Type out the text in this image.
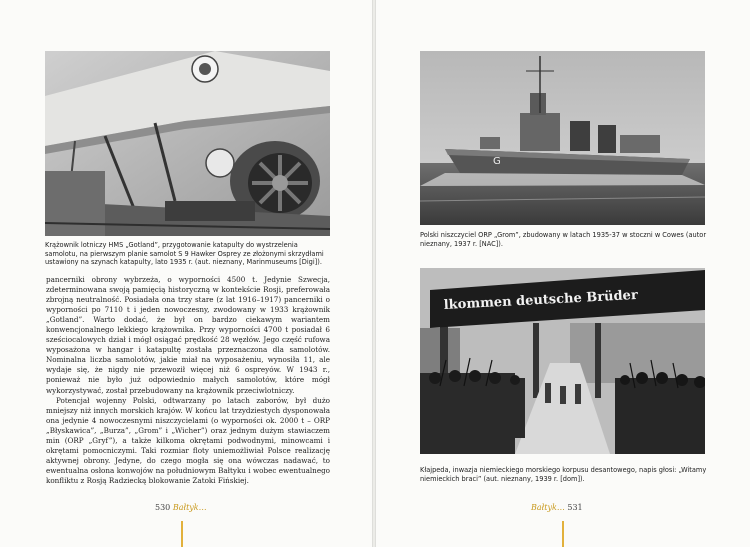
Krążownik lotniczy HMS „Gotland”, przygotowanie katapulty do wystrzelenia samolotu, na pierwszym planie samolot S 9 Hawker Osprey ze złożonymi skrzydłami ustawiony na szynach katapulty, lato 1935 r. (aut. nieznany, Marinmuseums [Digi]).

pancerniki obrony wybrzeża, o wyporności 4500 t. Jedynie Szwecja, zdeterminowana swoją pamięcią historyczną w kontekście Rosji, preferowała zbrojną neutralność. Posiadała ona trzy stare (z lat 1916–1917) pancerniki o wyporności po 7110 t i jeden nowoczesny, zwodowany w 1933 krążownik „Gotland”. Warto dodać, że był on bardzo ciekawym wariantem konwencjonalnego lekkiego krążownika. Przy wyporności 4700 t posiadał 6 sześciocalowych dział i mógł osiągać prędkość 28 węzłów. Jego część rufowa wyposażona w hangar i katapultę została przeznaczona dla samolotów. Nominalna liczba samolotów, jakie miał na wyposażeniu, wynosiła 11, ale wydaje się, że nigdy nie przewoził więcej niż 6 ospreyów. W 1943 r., ponieważ nie było już odpowiednio małych samolotów, które mógł wykorzystywać, został przebudowany na krążownik przeciwlotniczy.

Potencjał wojenny Polski, odtwarzany po latach zaborów, był dużo mniejszy niż innych morskich krajów. W końcu lat trzydziestych dysponowała ona jedynie 4 nowoczesnymi niszczycielami (o wyporności ok. 2000 t – ORP „Błyskawica”, „Burza”, „Grom” i „Wicher”) oraz jednym dużym stawiaczem min (ORP „Gryf”), a także kilkoma okrętami podwodnymi, minowcami i okrętami pomocniczymi. Taki rozmiar floty uniemożliwiał Polsce realizację aktywnej obrony. Jedyne, do czego mogła się ona wówczas nadawać, to ewentualna osłona konwojów na południowym Bałtyku i wobec ewentualnego konfliktu z Rosją Radziecką blokowanie Zatoki Fińskiej.

530 Bałtyk…
G
Polski niszczyciel ORP „Grom”, zbudowany w latach 1935-37 w stoczni w Cowes (autor nieznany, 1937 r. [NAC]).
lkommen deutsche Brüder
Kłajpeda, inwazja niemieckiego morskiego korpusu desantowego, napis głosi: „Witamy niemieckich braci” (aut. nieznany, 1939 r. [dom]).
Bałtyk… 531
